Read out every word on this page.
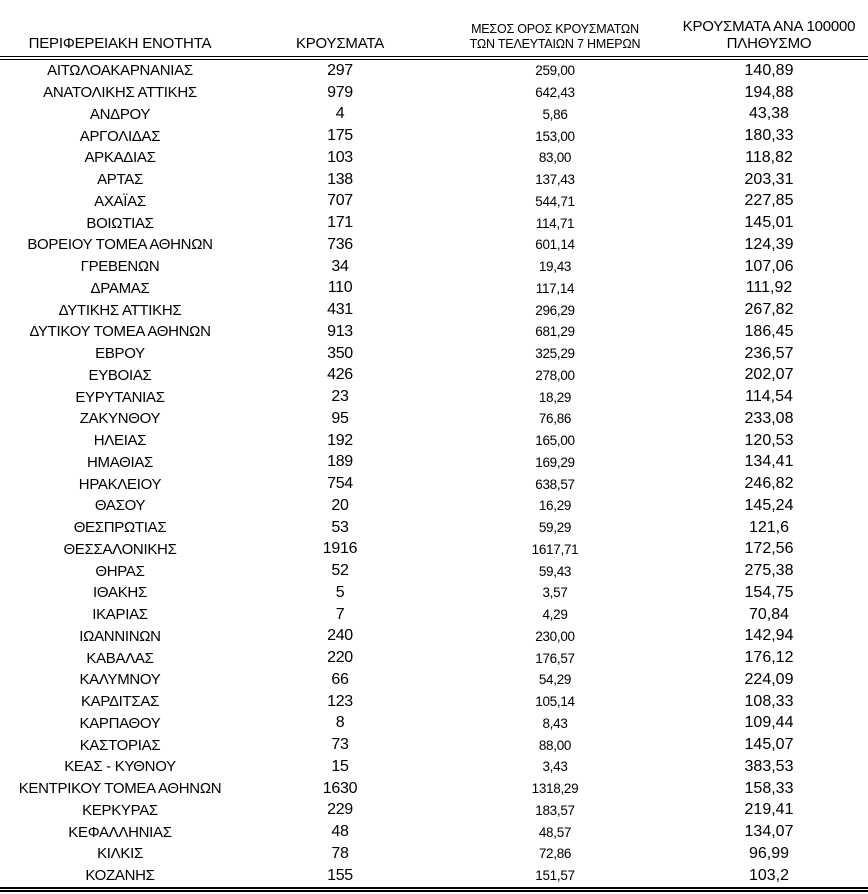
ΠΕΡΙΦΕΡΕΙΑΚΗ ΕΝΟΤΗΤΑ	ΚΡΟΥΣΜΑΤΑ	ΜΕΣΟΣ ΟΡΟΣ ΚΡΟΥΣΜΑΤΩΝ
ΤΩΝ ΤΕΛΕΥΤΑΙΩΝ 7 ΗΜΕΡΩΝ	ΚΡΟΥΣΜΑΤΑ ΑΝΑ 100000
ΠΛΗΘΥΣΜΟ

ΑΙΤΩΛΟΑΚΑΡΝΑΝΙΑΣ	297	259,00	140,89
ΑΝΑΤΟΛΙΚΗΣ ΑΤΤΙΚΗΣ	979	642,43	194,88
ΑΝΔΡΟΥ	4	5,86	43,38
ΑΡΓΟΛΙΔΑΣ	175	153,00	180,33
ΑΡΚΑΔΙΑΣ	103	83,00	118,82
ΑΡΤΑΣ	138	137,43	203,31
ΑΧΑΪΑΣ	707	544,71	227,85
ΒΟΙΩΤΙΑΣ	171	114,71	145,01
ΒΟΡΕΙΟΥ ΤΟΜΕΑ ΑΘΗΝΩΝ	736	601,14	124,39
ΓΡΕΒΕΝΩΝ	34	19,43	107,06
ΔΡΑΜΑΣ	110	117,14	111,92
ΔΥΤΙΚΗΣ ΑΤΤΙΚΗΣ	431	296,29	267,82
ΔΥΤΙΚΟΥ ΤΟΜΕΑ ΑΘΗΝΩΝ	913	681,29	186,45
ΕΒΡΟΥ	350	325,29	236,57
ΕΥΒΟΙΑΣ	426	278,00	202,07
ΕΥΡΥΤΑΝΙΑΣ	23	18,29	114,54
ΖΑΚΥΝΘΟΥ	95	76,86	233,08
ΗΛΕΙΑΣ	192	165,00	120,53
ΗΜΑΘΙΑΣ	189	169,29	134,41
ΗΡΑΚΛΕΙΟΥ	754	638,57	246,82
ΘΑΣΟΥ	20	16,29	145,24
ΘΕΣΠΡΩΤΙΑΣ	53	59,29	121,6
ΘΕΣΣΑΛΟΝΙΚΗΣ	1916	1617,71	172,56
ΘΗΡΑΣ	52	59,43	275,38
ΙΘΑΚΗΣ	5	3,57	154,75
ΙΚΑΡΙΑΣ	7	4,29	70,84
ΙΩΑΝΝΙΝΩΝ	240	230,00	142,94
ΚΑΒΑΛΑΣ	220	176,57	176,12
ΚΑΛΥΜΝΟΥ	66	54,29	224,09
ΚΑΡΔΙΤΣΑΣ	123	105,14	108,33
ΚΑΡΠΑΘΟΥ	8	8,43	109,44
ΚΑΣΤΟΡΙΑΣ	73	88,00	145,07
ΚΕΑΣ - ΚΥΘΝΟΥ	15	3,43	383,53
ΚΕΝΤΡΙΚΟΥ ΤΟΜΕΑ ΑΘΗΝΩΝ	1630	1318,29	158,33
ΚΕΡΚΥΡΑΣ	229	183,57	219,41
ΚΕΦΑΛΛΗΝΙΑΣ	48	48,57	134,07
ΚΙΛΚΙΣ	78	72,86	96,99
ΚΟΖΑΝΗΣ	155	151,57	103,2
